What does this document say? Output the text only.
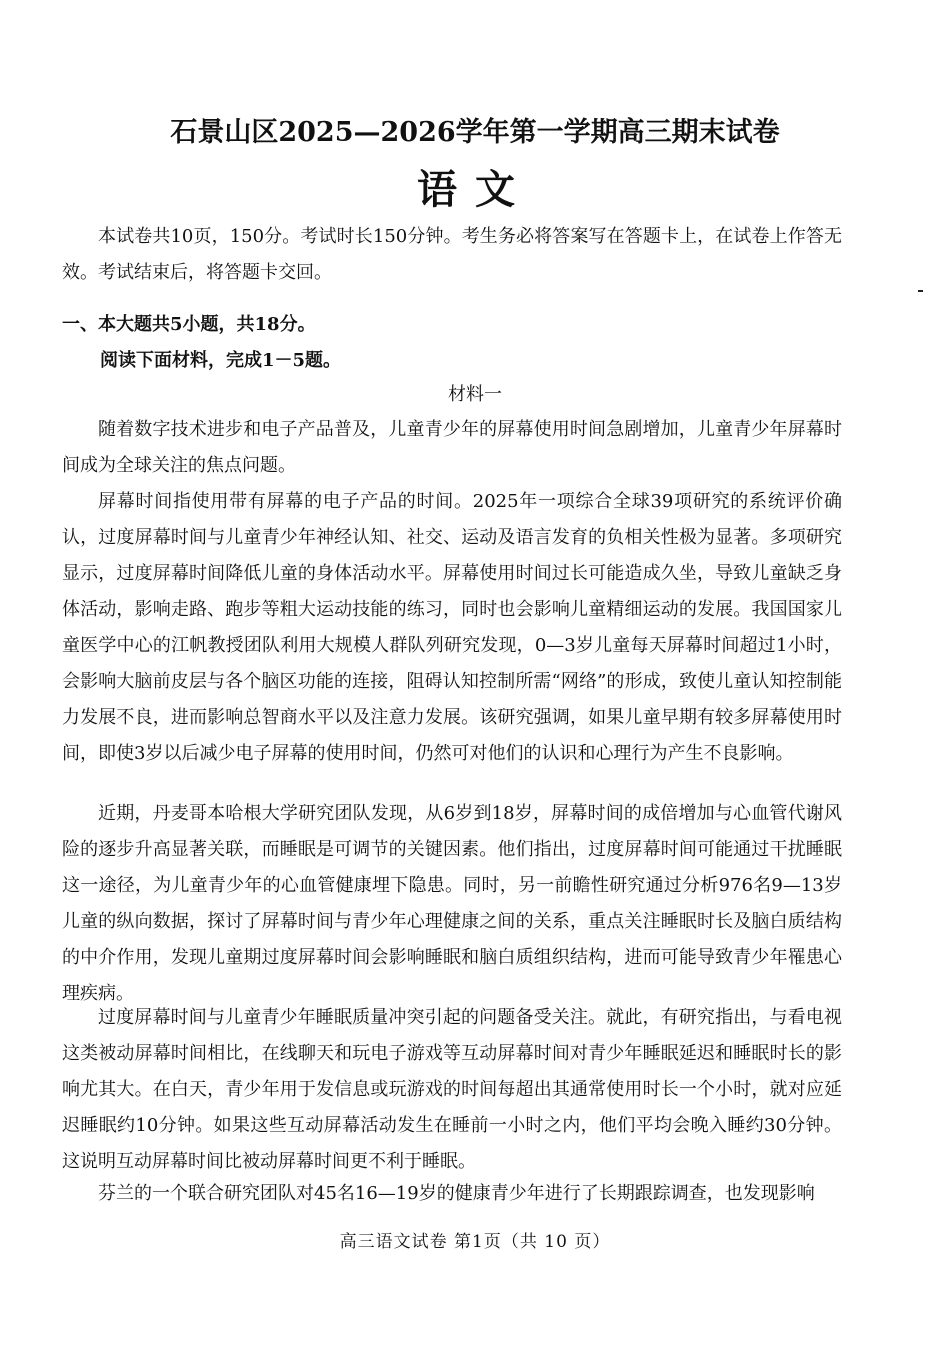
石景山区2025—2026学年第一学期高三期末试卷
语文

本试卷共10页，150分。考试时长150分钟。考生务必将答案写在答题卡上，在试卷上作答无效。考试结束后，将答题卡交回。

一、本大题共5小题，共18分。
阅读下面材料，完成1－5题。
材料一

随着数字技术进步和电子产品普及，儿童青少年的屏幕使用时间急剧增加，儿童青少年屏幕时间成为全球关注的焦点问题。

屏幕时间指使用带有屏幕的电子产品的时间。2025年一项综合全球39项研究的系统评价确认，过度屏幕时间与儿童青少年神经认知、社交、运动及语言发育的负相关性极为显著。多项研究显示，过度屏幕时间降低儿童的身体活动水平。屏幕使用时间过长可能造成久坐，导致儿童缺乏身体活动，影响走路、跑步等粗大运动技能的练习，同时也会影响儿童精细运动的发展。我国国家儿童医学中心的江帆教授团队利用大规模人群队列研究发现，0—3岁儿童每天屏幕时间超过1小时，会影响大脑前皮层与各个脑区功能的连接，阻碍认知控制所需“网络”的形成，致使儿童认知控制能力发展不良，进而影响总智商水平以及注意力发展。该研究强调，如果儿童早期有较多屏幕使用时间，即使3岁以后减少电子屏幕的使用时间，仍然可对他们的认识和心理行为产生不良影响。

近期，丹麦哥本哈根大学研究团队发现，从6岁到18岁，屏幕时间的成倍增加与心血管代谢风险的逐步升高显著关联，而睡眠是可调节的关键因素。他们指出，过度屏幕时间可能通过干扰睡眠这一途径，为儿童青少年的心血管健康埋下隐患。同时，另一前瞻性研究通过分析976名9—13岁儿童的纵向数据，探讨了屏幕时间与青少年心理健康之间的关系，重点关注睡眠时长及脑白质结构的中介作用，发现儿童期过度屏幕时间会影响睡眠和脑白质组织结构，进而可能导致青少年罹患心理疾病。

过度屏幕时间与儿童青少年睡眠质量冲突引起的问题备受关注。就此，有研究指出，与看电视这类被动屏幕时间相比，在线聊天和玩电子游戏等互动屏幕时间对青少年睡眠延迟和睡眠时长的影响尤其大。在白天，青少年用于发信息或玩游戏的时间每超出其通常使用时长一个小时，就对应延迟睡眠约10分钟。如果这些互动屏幕活动发生在睡前一小时之内，他们平均会晚入睡约30分钟。这说明互动屏幕时间比被动屏幕时间更不利于睡眠。

芬兰的一个联合研究团队对45名16—19岁的健康青少年进行了长期跟踪调查，也发现影响

高三语文试卷 第1页（共 10 页）
